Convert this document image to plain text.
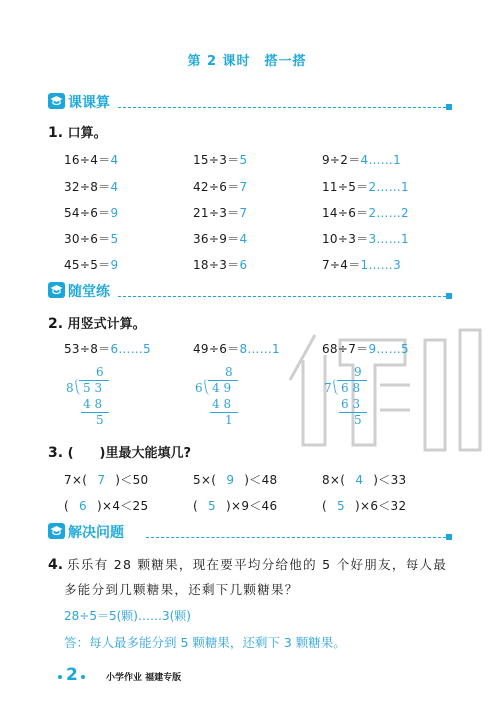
第 2 课时　搭一搭
课课算
1. 口算。
16÷4＝4	15÷3＝5	9÷2＝4……1
32÷8＝4	42÷6＝7	11÷5＝2……1
54÷6＝9	21÷3＝7	14÷6＝2……2
30÷6＝5	36÷9＝4	10÷3＝3……1
45÷5＝9	18÷3＝6	7÷4＝1……3
随堂练
2. 用竖式计算。
53÷8＝6……5
6
8 5 3
4 8
5
49÷6＝8……1
8
6 4 9
4 8
1
68÷7＝9……5
9
7 6 8
6 3
5
3. (　　)里最大能填几?
7×( 7 )＜50	5×( 9 )＜48	8×( 4 )＜33
( 6 )×4＜25	( 5 )×9＜46	( 5 )×6＜32
解决问题
4. 乐乐有 28 颗糖果，现在要平均分给他的 5 个好朋友，每人最
多能分到几颗糖果，还剩下几颗糖果？
28÷5＝5(颗)……3(颗)
答：每人最多能分到 5 颗糖果，还剩下 3 颗糖果。
2	小学作业 福建专版
